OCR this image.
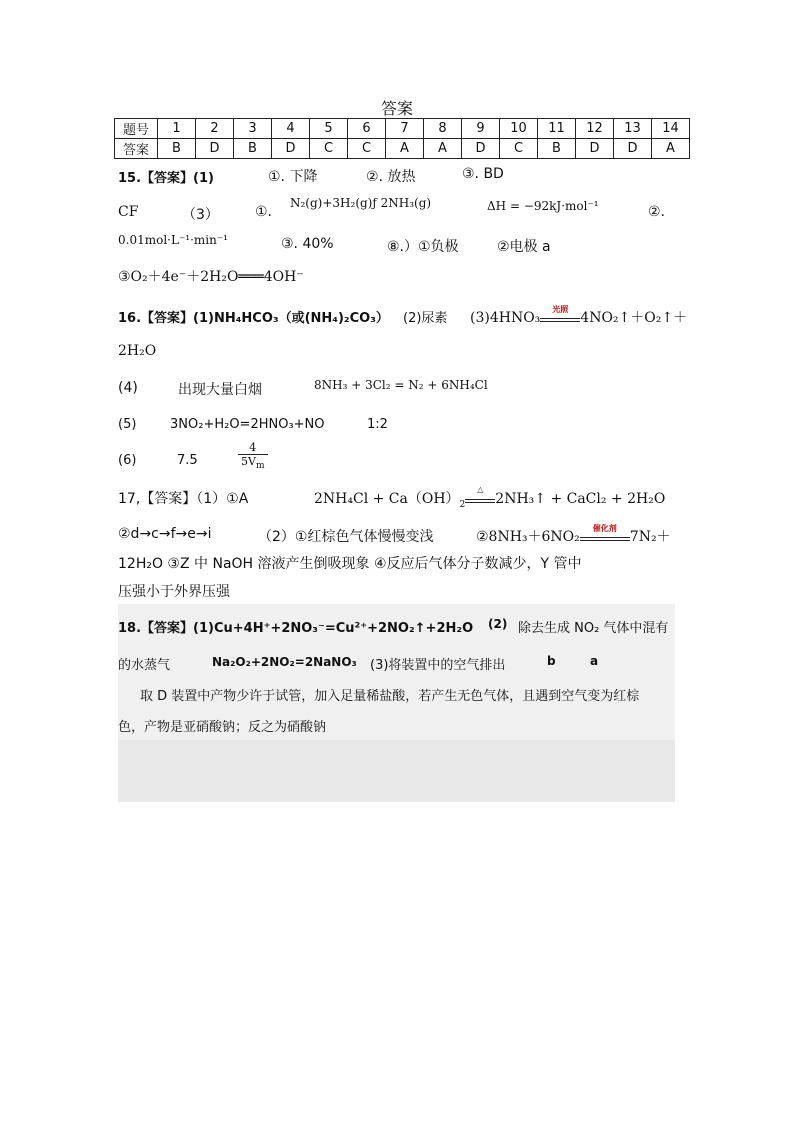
答案
题号	1	2	3	4	5	6	7	8	9	10	11	12	13	14
答案	B	D	B	D	C	C	A	A	D	C	B	D	D	A
15.【答案】(1)	①. 下降	②. 放热	③. BD
CF	（3）	①.
N₂(g)+3H₂(g)ƒ 2NH₃(g)	ΔH = −92kJ·mol⁻¹	②.
0.01mol·L⁻¹·min⁻¹	③. 40%	⑧.）①负极	②电极 a
③O₂＋4e⁻＋2H₂O═══4OH⁻
16.【答案】(1)NH₄HCO₃（或(NH₄)₂CO₃） (2)尿素 (3)4HNO₃
光照
4NO₂↑＋O₂↑＋
2H₂O
(4)	出现大量白烟	8NH₃ + 3Cl₂ = N₂ + 6NH₄Cl
(5)	3NO₂+H₂O=2HNO₃+NO	1:2
(6)	7.5	$\frac{4}{5V_m}$
17,【答案】（1）①A	$2NH_4Cl + Ca(OH)_2$
△
2NH₃↑ + CaCl₂ + 2H₂O
②d→c→f→e→i	（2）①红棕色气体慢慢变浅	②8NH₃＋6NO₂
催化剂
7N₂＋
12H₂O ③Z 中 NaOH 溶液产生倒吸现象 ④反应后气体分子数减少，Y 管中
压强小于外界压强
18.【答案】(1)Cu+4H⁺+2NO₃⁻=Cu²⁺+2NO₂↑+2H₂O (2) 除去生成 NO₂ 气体中混有
的水蒸气	Na₂O₂+2NO₂=2NaNO₃ (3)将装置中的空气排出	b	a
取 D 装置中产物少许于试管，加入足量稀盐酸，若产生无色气体，且遇到空气变为红棕
色，产物是亚硝酸钠；反之为硝酸钠
